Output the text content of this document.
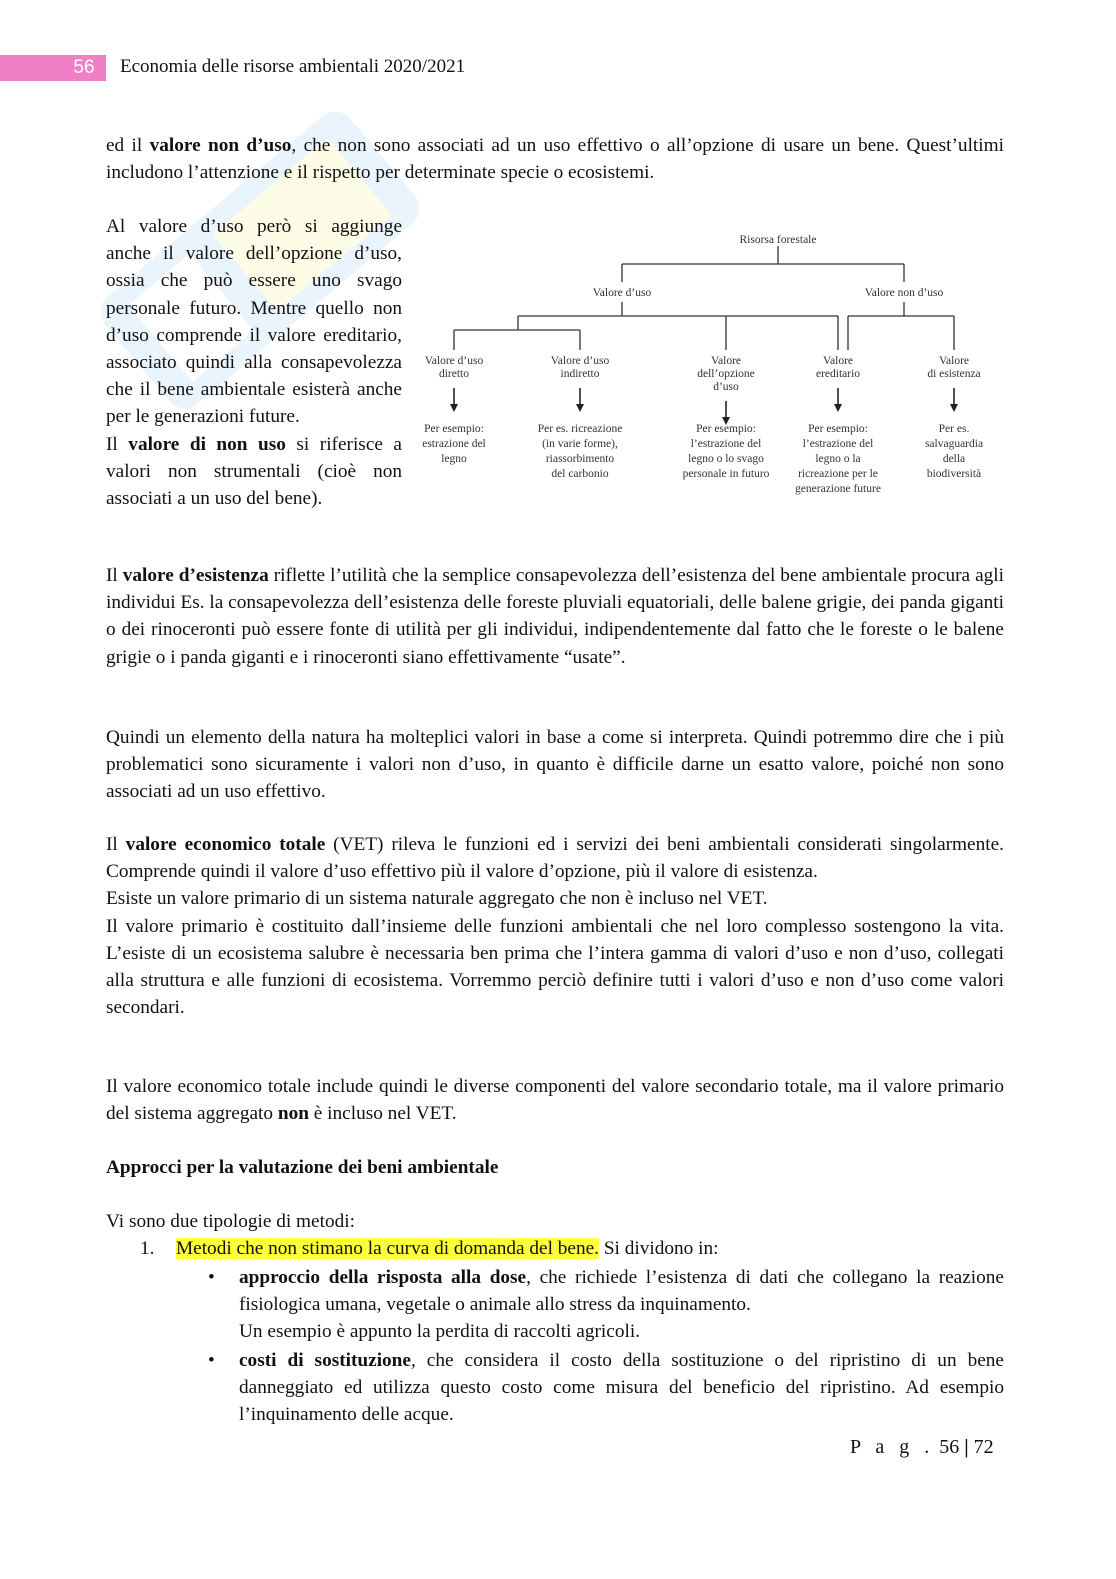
56	Economia delle risorse ambientali 2020/2021

ed il valore non d’uso, che non sono associati ad un uso effettivo o all’opzione di usare un bene. Quest’ultimi includono l’attenzione e il rispetto per determinate specie o ecosistemi.

Al valore d’uso però si aggiunge anche il valore dell’opzione d’uso, ossia che può essere uno svago personale futuro. Mentre quello non d’uso comprende il valore ereditario, associato quindi alla consapevolezza che il bene ambientale esisterà anche per le generazioni future.

Il valore di non uso si riferisce a valori non strumentali (cioè non associati a un uso del bene).

Risorsa forestale
Valore d’uso	Valore non d’uso
Valore d’uso
diretto
Per esempio:
estrazione del
legno
Valore d’uso
indiretto
Per es. ricreazione
(in varie forme),
riassorbimento
del carbonio
Valore
dell’opzione
d’uso
Per esempio:
l’estrazione del
legno o lo svago
personale in futuro
Valore
ereditario
Per esempio:
l’estrazione del
legno o la
ricreazione per le
generazione future
Valore
di esistenza
Per es.
salvaguardia
della
biodiversità

Il valore d’esistenza riflette l’utilità che la semplice consapevolezza dell’esistenza del bene ambientale procura agli individui Es. la consapevolezza dell’esistenza delle foreste pluviali equatoriali, delle balene grigie, dei panda giganti o dei rinoceronti può essere fonte di utilità per gli individui, indipendentemente dal fatto che le foreste o le balene grigie o i panda giganti e i rinoceronti siano effettivamente “usate”.

Quindi un elemento della natura ha molteplici valori in base a come si interpreta. Quindi potremmo dire che i più problematici sono sicuramente i valori non d’uso, in quanto è difficile darne un esatto valore, poiché non sono associati ad un uso effettivo.

Il valore economico totale (VET) rileva le funzioni ed i servizi dei beni ambientali considerati singolarmente. Comprende quindi il valore d’uso effettivo più il valore d’opzione, più il valore di esistenza.

Esiste un valore primario di un sistema naturale aggregato che non è incluso nel VET.

Il valore primario è costituito dall’insieme delle funzioni ambientali che nel loro complesso sostengono la vita. L’esiste di un ecosistema salubre è necessaria ben prima che l’intera gamma di valori d’uso e non d’uso, collegati alla struttura e alle funzioni di ecosistema. Vorremmo perciò definire tutti i valori d’uso e non d’uso come valori secondari.

Il valore economico totale include quindi le diverse componenti del valore secondario totale, ma il valore primario del sistema aggregato non è incluso nel VET.

Approcci per la valutazione dei beni ambientale

Vi sono due tipologie di metodi:

1. Metodi che non stimano la curva di domanda del bene. Si dividono in:

• approccio della risposta alla dose, che richiede l’esistenza di dati che collegano la reazione fisiologica umana, vegetale o animale allo stress da inquinamento.
Un esempio è appunto la perdita di raccolti agricoli.
• costi di sostituzione, che considera il costo della sostituzione o del ripristino di un bene danneggiato ed utilizza questo costo come misura del beneficio del ripristino. Ad esempio l’inquinamento delle acque.
P a g . 56 | 72
